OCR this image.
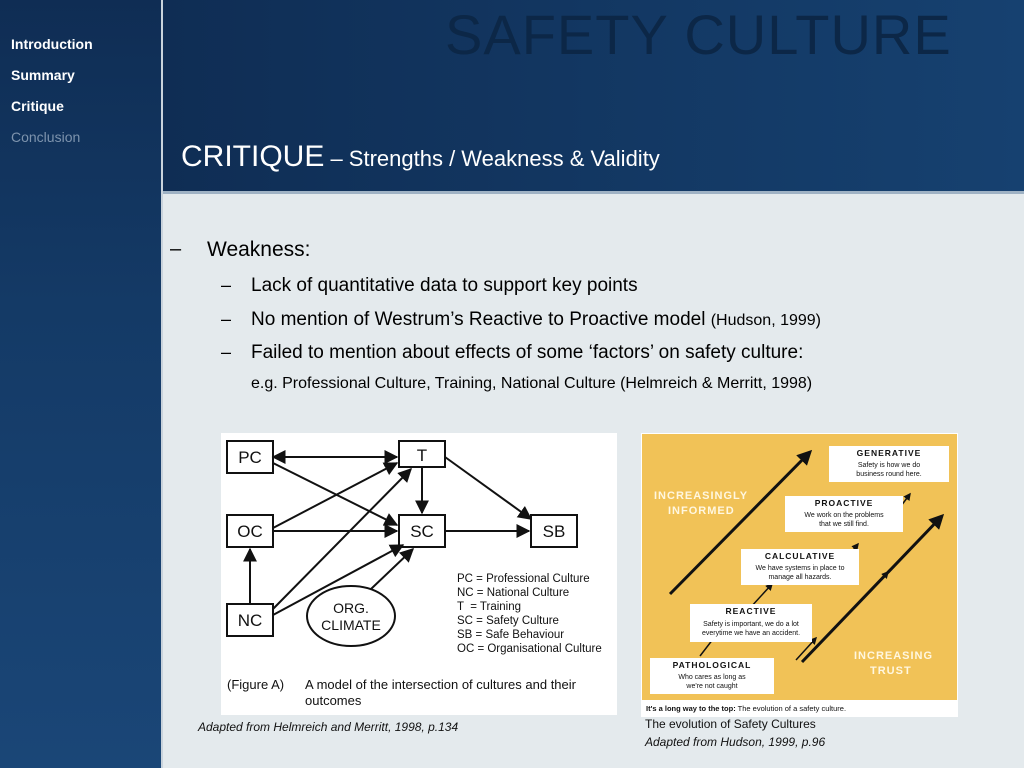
Introduction
Summary
Critique
Conclusion
SAFETY CULTURE
CRITIQUE – Strengths / Weakness & Validity
– Weakness:
– Lack of quantitative data to support key points
– No mention of Westrum’s Reactive to Proactive model (Hudson, 1999)
– Failed to mention about effects of some ‘factors’ on safety culture:
e.g. Professional Culture, Training, National Culture (Helmreich & Merritt, 1998)
PC
OC
NC
T
SC	SB
ORG.
CLIMATE
PC = Professional Culture
NC = National Culture
T  = Training
SC = Safety Culture
SB = Safe Behaviour
OC = Organisational Culture
(Figure A) A model of the intersection of cultures and their
outcomes
Adapted from Helmreich and Merritt, 1998, p.134
INCREASINGLY
INFORMED
INCREASING
TRUST
GENERATIVE
Safety is how we do
business round here.
PROACTIVE
We work on the problems
that we still find.
CALCULATIVE
We have systems in place to
manage all hazards.
REACTIVE
Safety is important, we do a lot
everytime we have an accident.
PATHOLOGICAL
Who cares as long as
we're not caught
It's a long way to the top: The evolution of a safety culture.
The evolution of Safety Cultures
Adapted from Hudson, 1999, p.96
